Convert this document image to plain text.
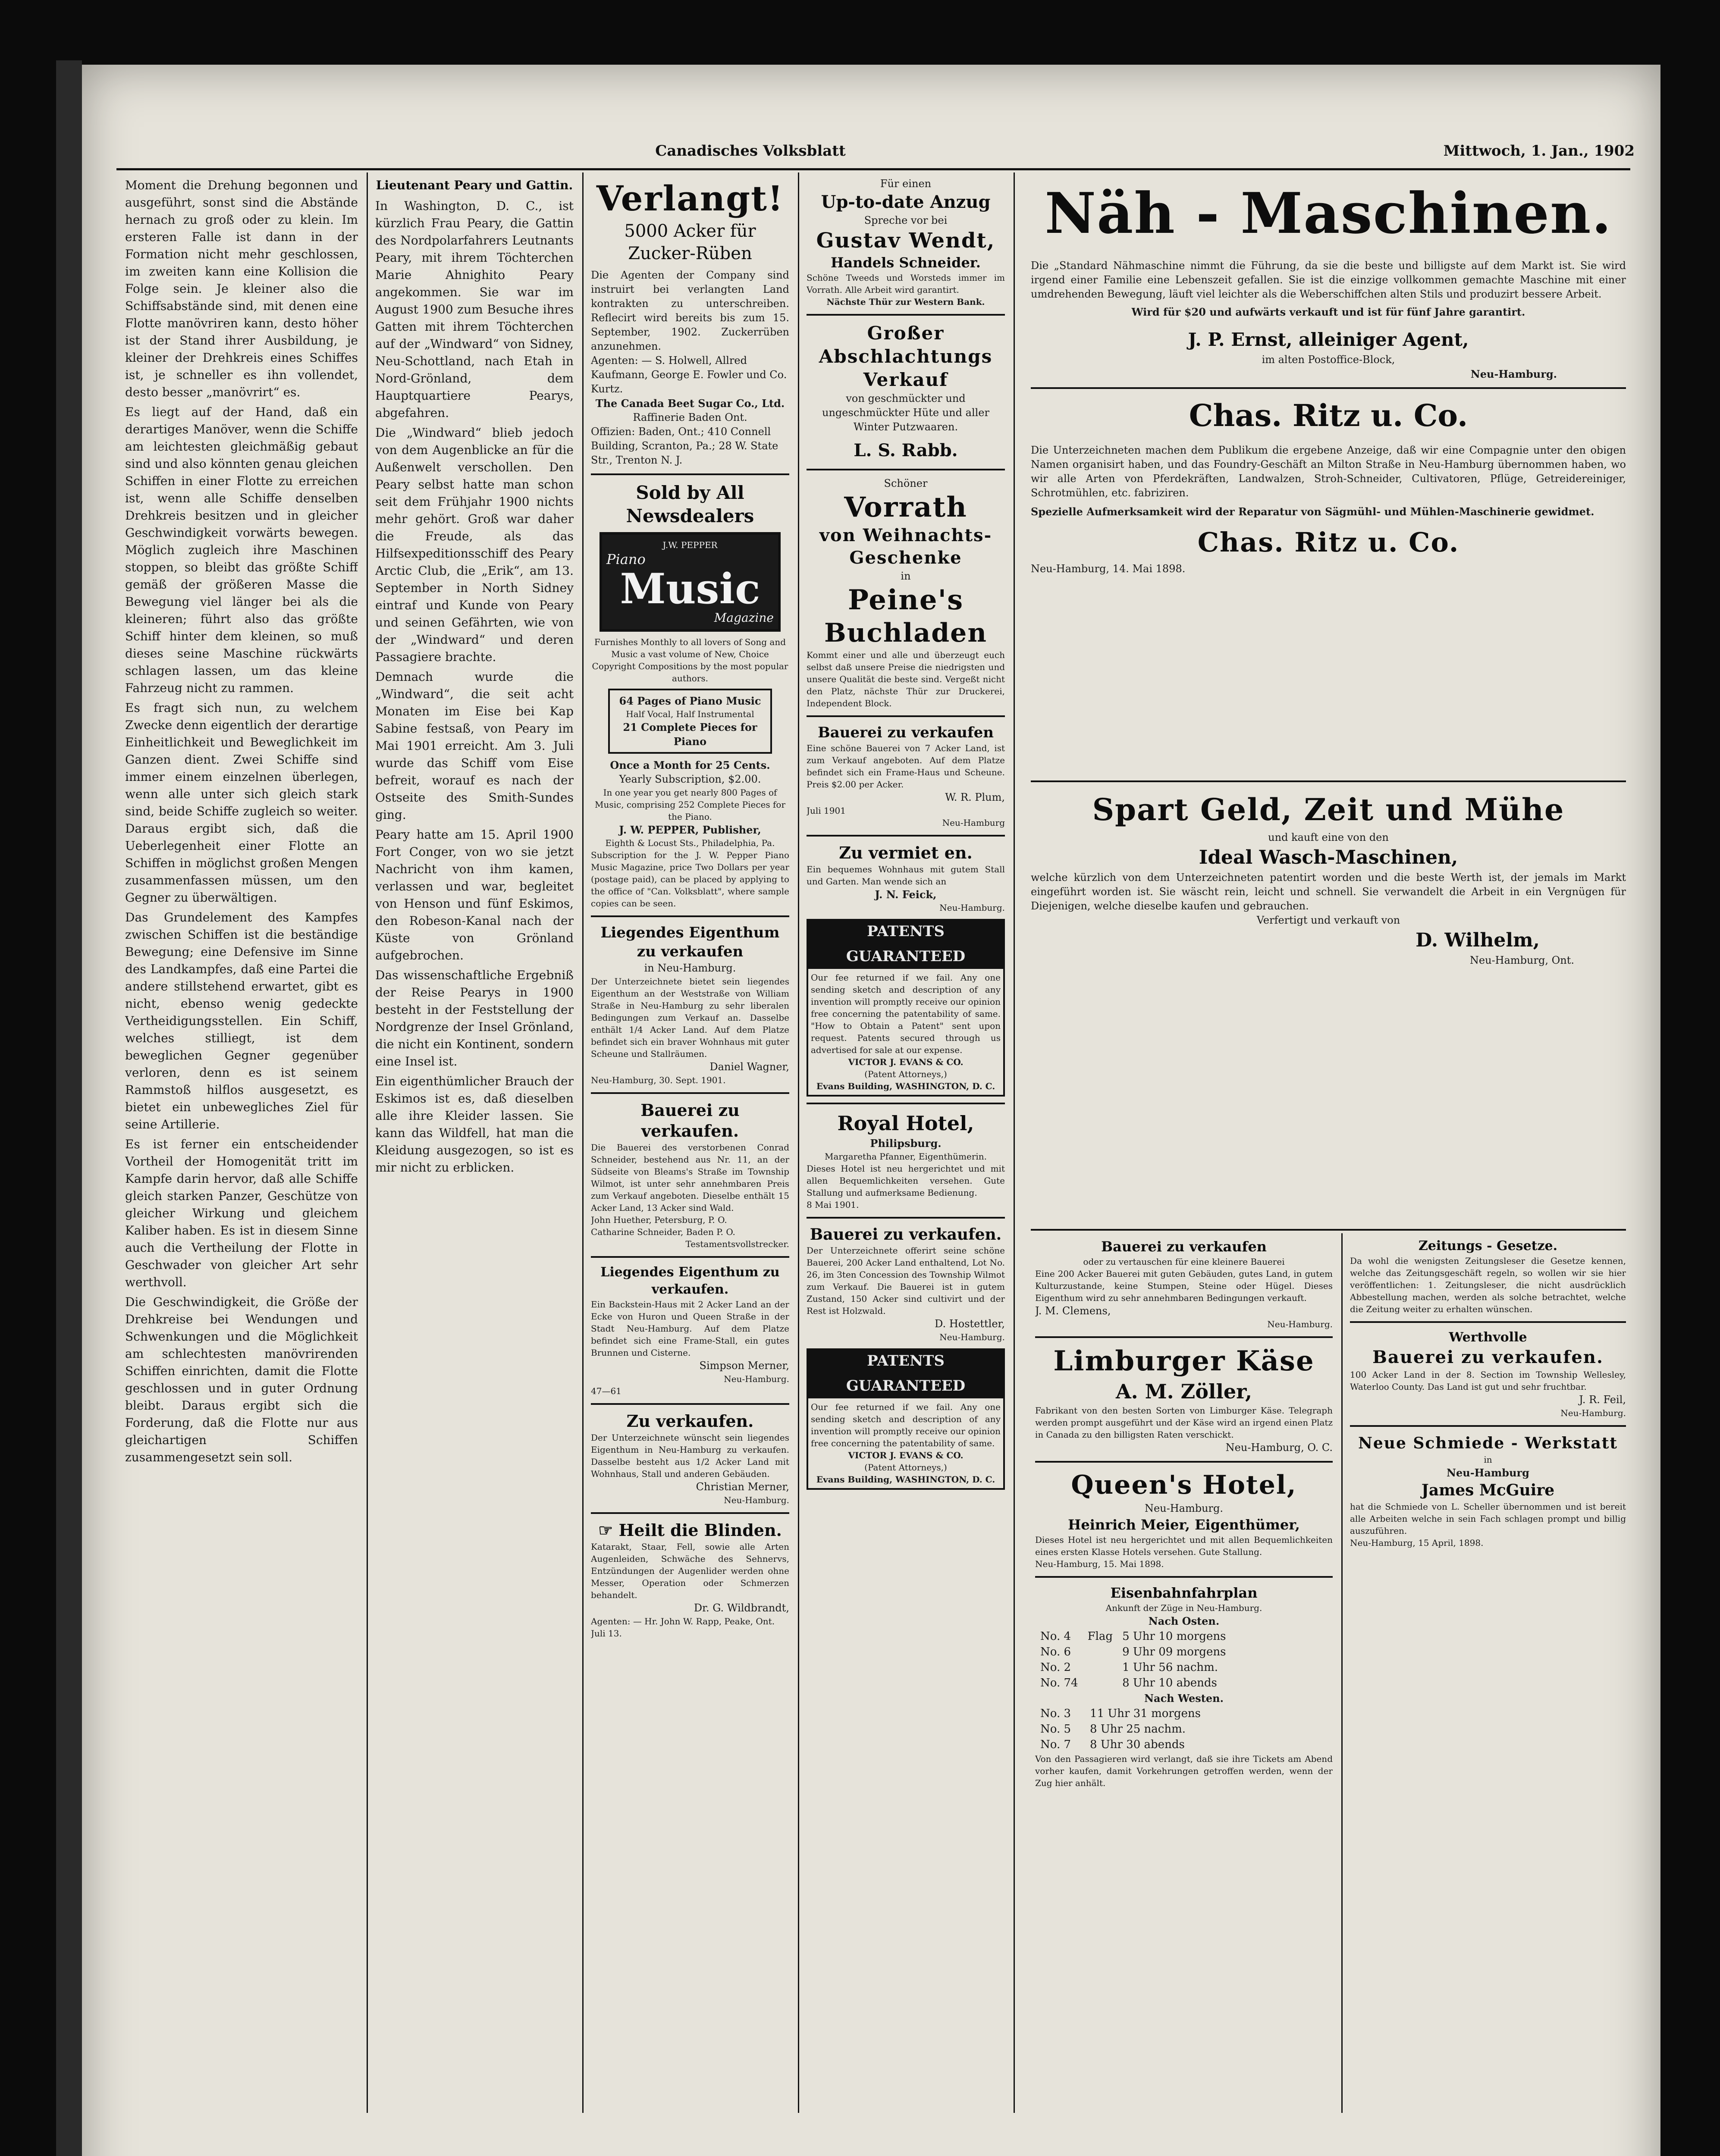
Canadisches Volksblatt	Mittwoch, 1. Jan., 1902

Moment die Drehung begonnen und ausgeführt, sonst sind die Abstände hernach zu groß oder zu klein. Im ersteren Falle ist dann in der Formation nicht mehr geschlossen, im zweiten kann eine Kollision die Folge sein. Je kleiner also die Schiffsabstände sind, mit denen eine Flotte manövriren kann, desto höher ist der Stand ihrer Ausbildung, je kleiner der Drehkreis eines Schiffes ist, je schneller es ihn vollendet, desto besser „manövrirt“ es.

Es liegt auf der Hand, daß ein derartiges Manöver, wenn die Schiffe am leichtesten gleichmäßig gebaut sind und also könnten genau gleichen Schiffen in einer Flotte zu erreichen ist, wenn alle Schiffe denselben Drehkreis besitzen und in gleicher Geschwindigkeit vorwärts bewegen. Möglich zugleich ihre Maschinen stoppen, so bleibt das größte Schiff gemäß der größeren Masse die Bewegung viel länger bei als die kleineren; führt also das größte Schiff hinter dem kleinen, so muß dieses seine Maschine rückwärts schlagen lassen, um das kleine Fahrzeug nicht zu rammen.

Es fragt sich nun, zu welchem Zwecke denn eigentlich der derartige Einheitlichkeit und Beweglichkeit im Ganzen dient. Zwei Schiffe sind immer einem einzelnen überlegen, wenn alle unter sich gleich stark sind, beide Schiffe zugleich so weiter. Daraus ergibt sich, daß die Ueberlegenheit einer Flotte an Schiffen in möglichst großen Mengen zusammenfassen müssen, um den Gegner zu überwältigen.

Das Grundelement des Kampfes zwischen Schiffen ist die beständige Bewegung; eine Defensive im Sinne des Landkampfes, daß eine Partei die andere stillstehend erwartet, gibt es nicht, ebenso wenig gedeckte Vertheidigungsstellen. Ein Schiff, welches stilliegt, ist dem beweglichen Gegner gegenüber verloren, denn es ist seinem Rammstoß hilflos ausgesetzt, es bietet ein unbewegliches Ziel für seine Artillerie.

Es ist ferner ein entscheidender Vortheil der Homogenität tritt im Kampfe darin hervor, daß alle Schiffe gleich starken Panzer, Geschütze von gleicher Wirkung und gleichem Kaliber haben. Es ist in diesem Sinne auch die Vertheilung der Flotte in Geschwader von gleicher Art sehr werthvoll.

Die Geschwindigkeit, die Größe der Drehkreise bei Wendungen und Schwenkungen und die Möglichkeit am schlechtesten manövrirenden Schiffen einrichten, damit die Flotte geschlossen und in guter Ordnung bleibt. Daraus ergibt sich die Forderung, daß die Flotte nur aus gleichartigen Schiffen zusammengesetzt sein soll.

Lieutenant Peary und Gattin.

In Washington, D. C., ist kürzlich Frau Peary, die Gattin des Nordpolarfahrers Leutnants Peary, mit ihrem Töchterchen Marie Ahnighito Peary angekommen. Sie war im August 1900 zum Besuche ihres Gatten mit ihrem Töchterchen auf der „Windward“ von Sidney, Neu-Schottland, nach Etah in Nord-Grönland, dem Hauptquartiere Pearys, abgefahren.

Die „Windward“ blieb jedoch von dem Augenblicke an für die Außenwelt verschollen. Den Peary selbst hatte man schon seit dem Frühjahr 1900 nichts mehr gehört. Groß war daher die Freude, als das Hilfsexpeditionsschiff des Peary Arctic Club, die „Erik“, am 13. September in North Sidney eintraf und Kunde von Peary und seinen Gefährten, wie von der „Windward“ und deren Passagiere brachte.

Demnach wurde die „Windward“, die seit acht Monaten im Eise bei Kap Sabine festsaß, von Peary im Mai 1901 erreicht. Am 3. Juli wurde das Schiff vom Eise befreit, worauf es nach der Ostseite des Smith-Sundes ging.

Peary hatte am 15. April 1900 Fort Conger, von wo sie jetzt Nachricht von ihm kamen, verlassen und war, begleitet von Henson und fünf Eskimos, den Robeson-Kanal nach der Küste von Grönland aufgebrochen.

Das wissenschaftliche Ergebniß der Reise Pearys in 1900 besteht in der Feststellung der Nordgrenze der Insel Grönland, die nicht ein Kontinent, sondern eine Insel ist.

Ein eigenthümlicher Brauch der Eskimos ist es, daß dieselben alle ihre Kleider lassen. Sie kann das Wildfell, hat man die Kleidung ausgezogen, so ist es mir nicht zu erblicken.

Verlangt!
5000 Acker für Zucker-Rüben
Die Agenten der Company sind instruirt bei verlangten Land kontrakten zu unterschreiben. Reflecirt wird bereits bis zum 15. September, 1902. Zuckerrüben anzunehmen.
Agenten: — S. Holwell, Allred Kaufmann, George E. Fowler und Co. Kurtz.
The Canada Beet Sugar Co., Ltd.
Raffinerie Baden Ont.
Offizien: Baden, Ont.; 410 Connell Building, Scranton, Pa.; 28 W. State Str., Trenton N. J.
Sold by All Newsdealers
J.W. PEPPER
Piano
Music
Magazine
Furnishes Monthly to all lovers of Song and Music a vast volume of New, Choice Copyright Compositions by the most popular authors.
64 Pages of Piano Music
Half Vocal, Half Instrumental
21 Complete Pieces for Piano
Once a Month for 25 Cents.
Yearly Subscription, $2.00.
In one year you get nearly 800 Pages of Music, comprising 252 Complete Pieces for the Piano.
J. W. PEPPER, Publisher,
Eighth & Locust Sts., Philadelphia, Pa.
Subscription for the J. W. Pepper Piano Music Magazine, price Two Dollars per year (postage paid), can be placed by applying to the office of "Can. Volksblatt", where sample copies can be seen.
Liegendes Eigenthum zu verkaufen
in Neu-Hamburg.
Der Unterzeichnete bietet sein liegendes Eigenthum an der Weststraße von William Straße in Neu-Hamburg zu sehr liberalen Bedingungen zum Verkauf an. Dasselbe enthält 1/4 Acker Land. Auf dem Platze befindet sich ein braver Wohnhaus mit guter Scheune und Stallräumen.
Daniel Wagner,
Neu-Hamburg, 30. Sept. 1901.
Bauerei zu verkaufen.
Die Bauerei des verstorbenen Conrad Schneider, bestehend aus Nr. 11, an der Südseite von Bleams's Straße im Township Wilmot, ist unter sehr annehmbaren Preis zum Verkauf angeboten. Dieselbe enthält 15 Acker Land, 13 Acker sind Wald.
John Huether, Petersburg, P. O.
Catharine Schneider, Baden P. O.
Testamentsvollstrecker.
Liegendes Eigenthum zu verkaufen.
Ein Backstein-Haus mit 2 Acker Land an der Ecke von Huron und Queen Straße in der Stadt Neu-Hamburg. Auf dem Platze befindet sich eine Frame-Stall, ein gutes Brunnen und Cisterne.
Simpson Merner,
Neu-Hamburg.
47—61
Zu verkaufen.
Der Unterzeichnete wünscht sein liegendes Eigenthum in Neu-Hamburg zu verkaufen. Dasselbe besteht aus 1/2 Acker Land mit Wohnhaus, Stall und anderen Gebäuden.
Christian Merner,
Neu-Hamburg.
☞ Heilt die Blinden.
Katarakt, Staar, Fell, sowie alle Arten Augenleiden, Schwäche des Sehnervs, Entzündungen der Augenlider werden ohne Messer, Operation oder Schmerzen behandelt.
Dr. G. Wildbrandt,
Agenten: — Hr. John W. Rapp, Peake, Ont.
Juli 13.
Für einen
Up-to-date Anzug
Spreche vor bei
Gustav Wendt,
Handels Schneider.
Schöne Tweeds und Worsteds immer im Vorrath. Alle Arbeit wird garantirt.
Nächste Thür zur Western Bank.
Großer Abschlachtungs Verkauf
von geschmückter und ungeschmückter Hüte und aller Winter Putzwaaren.
L. S. Rabb.
Schöner
Vorrath
von Weihnachts-Geschenke
in
Peine's
Buchladen
Kommt einer und alle und überzeugt euch selbst daß unsere Preise die niedrigsten und unsere Qualität die beste sind. Vergeßt nicht den Platz, nächste Thür zur Druckerei, Independent Block.
Bauerei zu verkaufen
Eine schöne Bauerei von 7 Acker Land, ist zum Verkauf angeboten. Auf dem Platze befindet sich ein Frame-Haus und Scheune. Preis $2.00 per Acker.
W. R. Plum,
Juli 1901
Neu-Hamburg
Zu vermiet en.
Ein bequemes Wohnhaus mit gutem Stall und Garten. Man wende sich an
J. N. Feick,
Neu-Hamburg.
PATENTS GUARANTEED
Our fee returned if we fail. Any one sending sketch and description of any invention will promptly receive our opinion free concerning the patentability of same. "How to Obtain a Patent" sent upon request. Patents secured through us advertised for sale at our expense.
VICTOR J. EVANS & CO.
(Patent Attorneys,)
Evans Building, WASHINGTON, D. C.
Royal Hotel,
Philipsburg.
Margaretha Pfanner, Eigenthümerin.
Dieses Hotel ist neu hergerichtet und mit allen Bequemlichkeiten versehen. Gute Stallung und aufmerksame Bedienung.
8 Mai 1901.
Bauerei zu verkaufen.
Der Unterzeichnete offerirt seine schöne Bauerei, 200 Acker Land enthaltend, Lot No. 26, im 3ten Concession des Township Wilmot zum Verkauf. Die Bauerei ist in gutem Zustand, 150 Acker sind cultivirt und der Rest ist Holzwald.
D. Hostettler,
Neu-Hamburg.
PATENTS GUARANTEED
Our fee returned if we fail. Any one sending sketch and description of any invention will promptly receive our opinion free concerning the patentability of same.
VICTOR J. EVANS & CO.
(Patent Attorneys,)
Evans Building, WASHINGTON, D. C.
Näh - Maschinen.
Die „Standard Nähmaschine nimmt die Führung, da sie die beste und billigste auf dem Markt ist. Sie wird irgend einer Familie eine Lebenszeit gefallen. Sie ist die einzige vollkommen gemachte Maschine mit einer umdrehenden Bewegung, läuft viel leichter als die Weberschiffchen alten Stils und produzirt bessere Arbeit.
Wird für $20 und aufwärts verkauft und ist für fünf Jahre garantirt.
J. P. Ernst, alleiniger Agent,
im alten Postoffice-Block,
Neu-Hamburg.
Chas. Ritz u. Co.
Die Unterzeichneten machen dem Publikum die ergebene Anzeige, daß wir eine Compagnie unter den obigen Namen organisirt haben, und das Foundry-Geschäft an Milton Straße in Neu-Hamburg übernommen haben, wo wir alle Arten von Pferdekräften, Landwalzen, Stroh-Schneider, Cultivatoren, Pflüge, Getreidereiniger, Schrotmühlen, etc. fabriziren.
Spezielle Aufmerksamkeit wird der Reparatur von Sägmühl- und Mühlen-Maschinerie gewidmet.
Chas. Ritz u. Co.
Neu-Hamburg, 14. Mai 1898.
Spart Geld, Zeit und Mühe
und kauft eine von den
Ideal Wasch-Maschinen,
welche kürzlich von dem Unterzeichneten patentirt worden und die beste Werth ist, der jemals im Markt eingeführt worden ist. Sie wäscht rein, leicht und schnell. Sie verwandelt die Arbeit in ein Vergnügen für Diejenigen, welche dieselbe kaufen und gebrauchen.
Verfertigt und verkauft von
D. Wilhelm,
Neu-Hamburg, Ont.
Bauerei zu verkaufen
oder zu vertauschen für eine kleinere Bauerei
Eine 200 Acker Bauerei mit guten Gebäuden, gutes Land, in gutem Kulturzustande, keine Stumpen, Steine oder Hügel. Dieses Eigenthum wird zu sehr annehmbaren Bedingungen verkauft.
J. M. Clemens,
Neu-Hamburg.
Limburger Käse
A. M. Zöller,
Fabrikant von den besten Sorten von Limburger Käse. Telegraph werden prompt ausgeführt und der Käse wird an irgend einen Platz in Canada zu den billigsten Raten verschickt.
Neu-Hamburg, O. C.
Queen's Hotel,
Neu-Hamburg.
Heinrich Meier, Eigenthümer,
Dieses Hotel ist neu hergerichtet und mit allen Bequemlichkeiten eines ersten Klasse Hotels versehen. Gute Stallung.
Neu-Hamburg, 15. Mai 1898.
Eisenbahnfahrplan
Ankunft der Züge in Neu-Hamburg.
Nach Osten.
No. 4	Flag	5 Uhr 10 morgens
No. 6		9 Uhr 09 morgens
No. 2		1 Uhr 56 nachm.
No. 74		8 Uhr 10 abends
Nach Westen.
No. 3		11 Uhr 31 morgens
No. 5		8 Uhr 25 nachm.
No. 7		8 Uhr 30 abends
Von den Passagieren wird verlangt, daß sie ihre Tickets am Abend vorher kaufen, damit Vorkehrungen getroffen werden, wenn der Zug hier anhält.
Zeitungs - Gesetze.
Da wohl die wenigsten Zeitungsleser die Gesetze kennen, welche das Zeitungsgeschäft regeln, so wollen wir sie hier veröffentlichen: 1. Zeitungsleser, die nicht ausdrücklich Abbestellung machen, werden als solche betrachtet, welche die Zeitung weiter zu erhalten wünschen.
Werthvolle
Bauerei zu verkaufen.
100 Acker Land in der 8. Section im Township Wellesley, Waterloo County. Das Land ist gut und sehr fruchtbar.
J. R. Feil,
Neu-Hamburg.
Neue Schmiede - Werkstatt
in
Neu-Hamburg
James McGuire
hat die Schmiede von L. Scheller übernommen und ist bereit alle Arbeiten welche in sein Fach schlagen prompt und billig auszuführen.
Neu-Hamburg, 15 April, 1898.
